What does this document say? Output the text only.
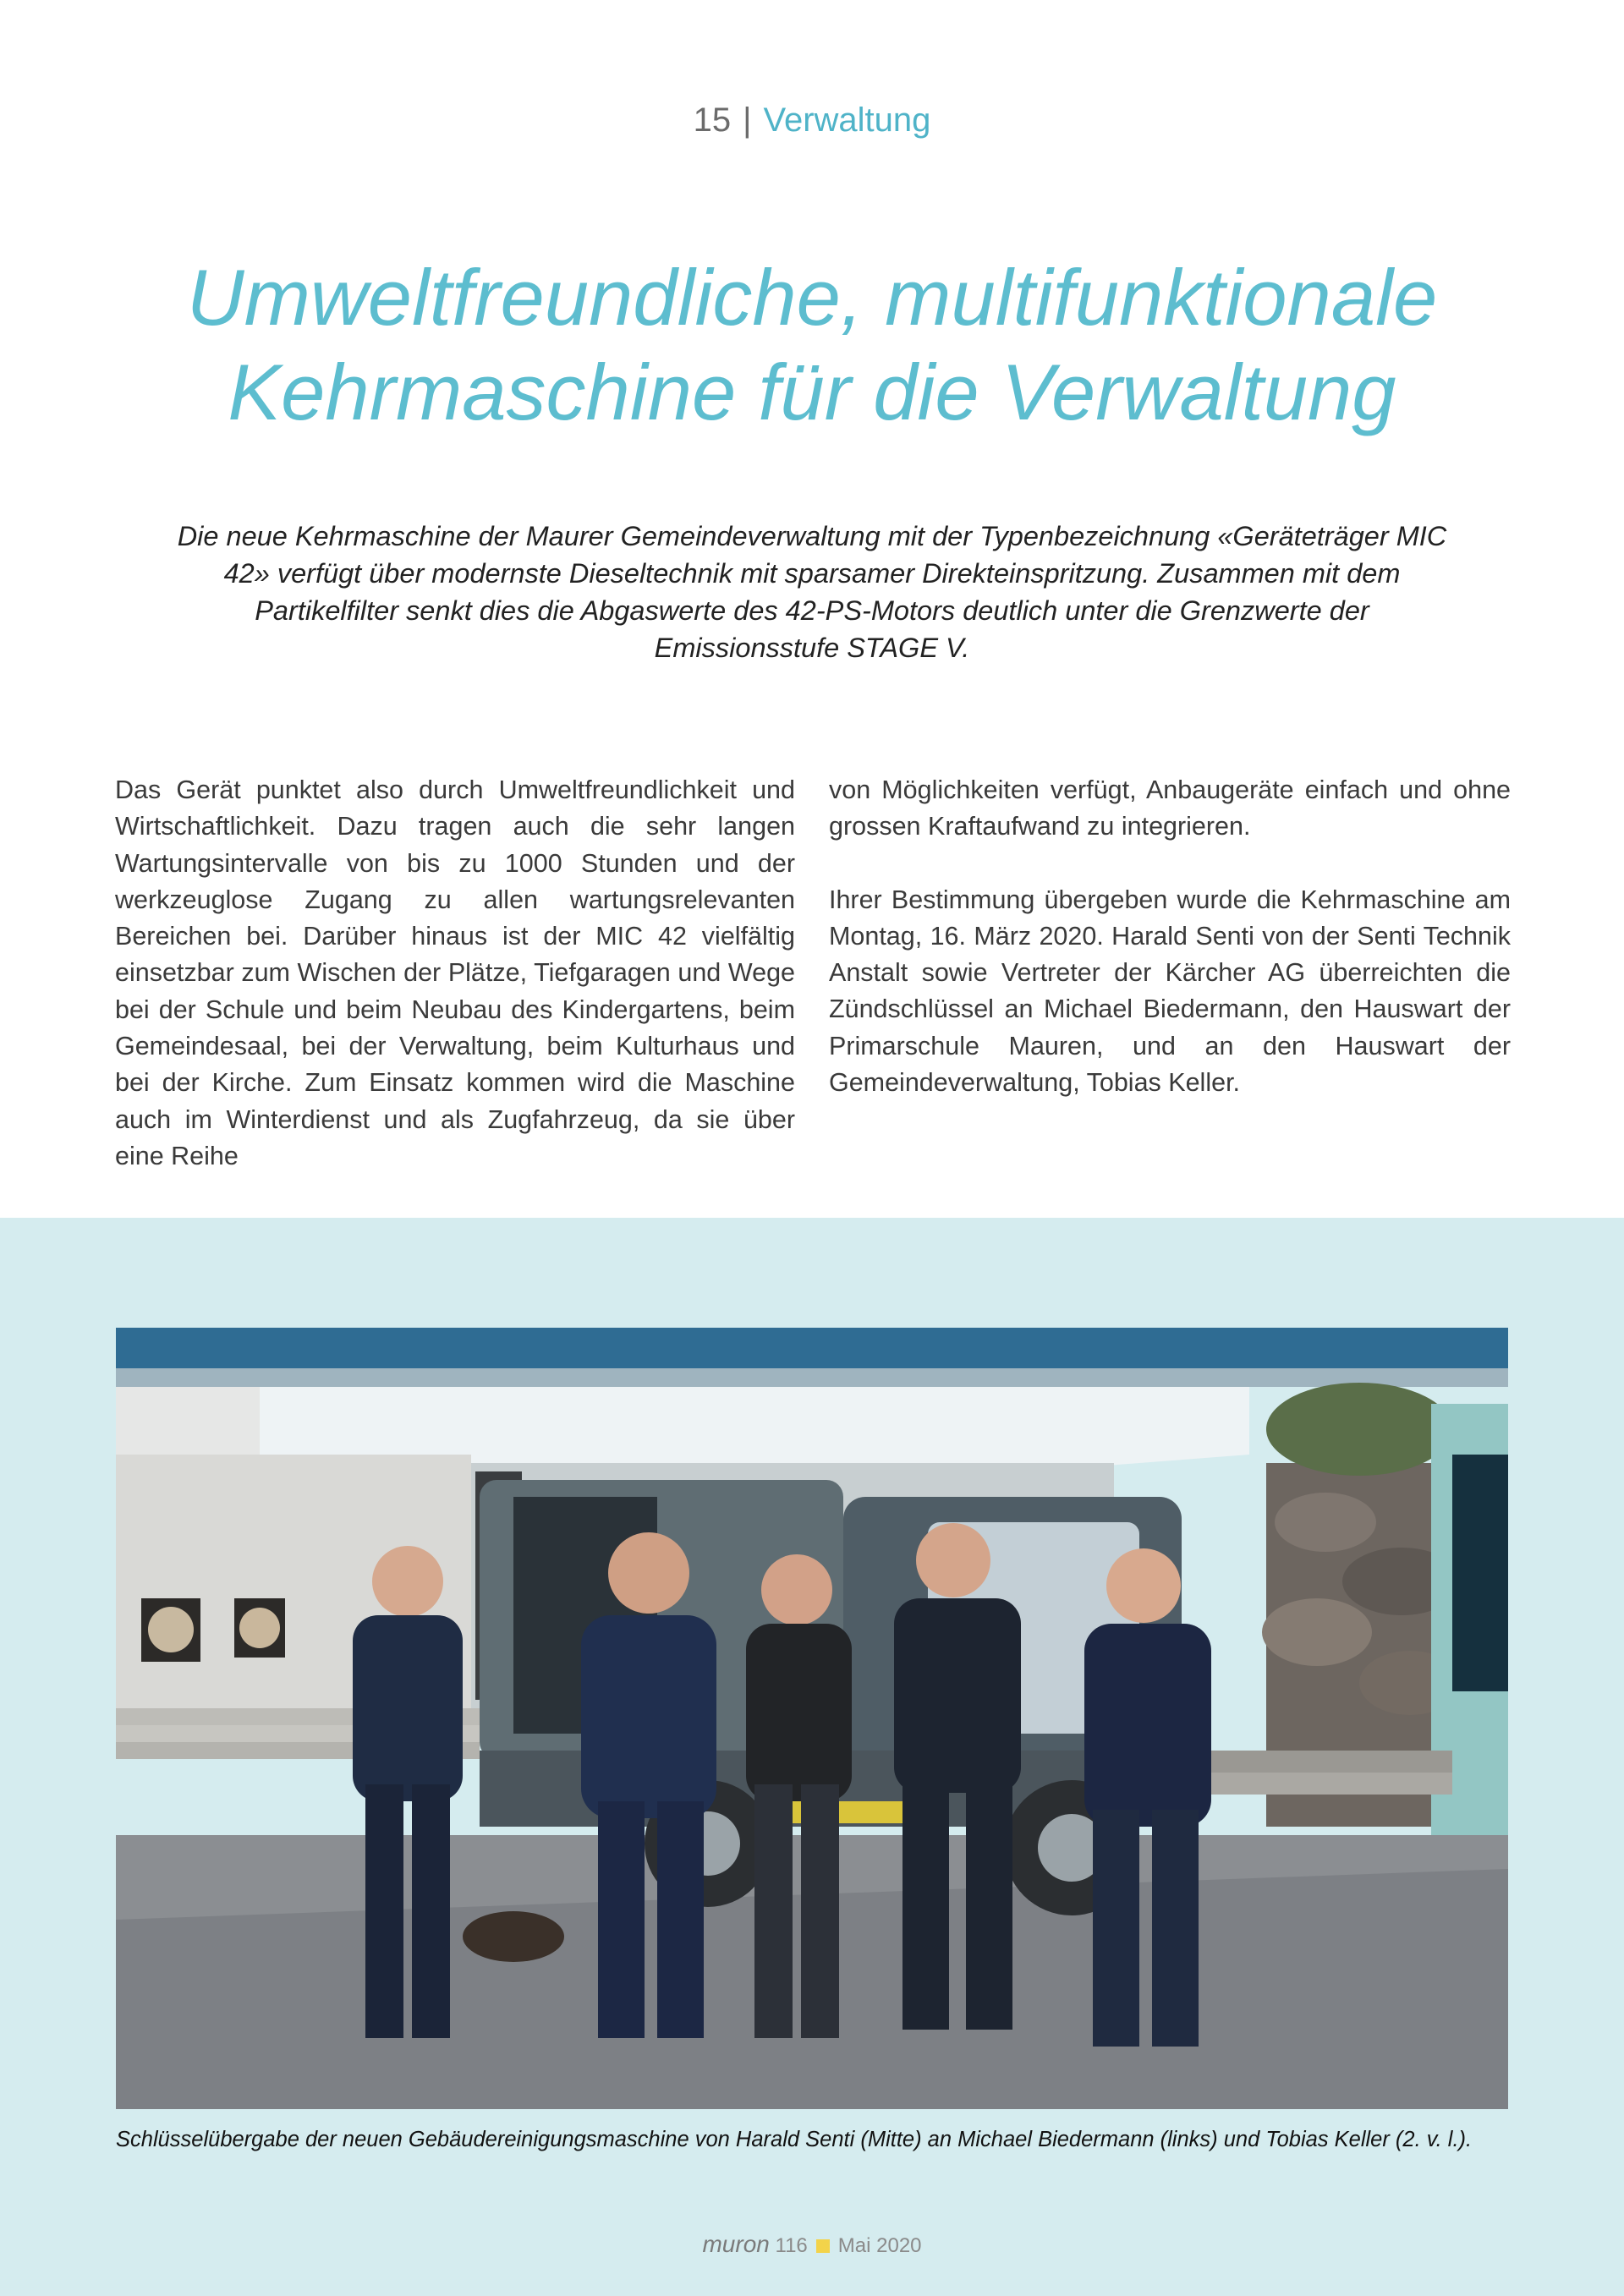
15 | Verwaltung
Umweltfreundliche, multifunktionale
Kehrmaschine für die Verwaltung

Die neue Kehrmaschine der Maurer Gemeindeverwaltung mit der Typenbezeichnung «Geräteträger MIC 42» verfügt über modernste Dieseltechnik mit sparsamer Direkteinspritzung. Zusammen mit dem Partikelfilter senkt dies die Abgaswerte des 42-PS-Motors deutlich unter die Grenzwerte der Emissionsstufe STAGE V.

Das Gerät punktet also durch Umweltfreundlichkeit und Wirtschaftlichkeit. Dazu tragen auch die sehr langen Wartungsintervalle von bis zu 1000 Stunden und der werkzeuglose Zugang zu allen wartungsrelevanten Bereichen bei. Darüber hinaus ist der MIC 42 vielfältig einsetzbar zum Wischen der Plätze, Tiefgaragen und Wege bei der Schule und beim Neubau des Kindergartens, beim Gemeindesaal, bei der Verwaltung, beim Kulturhaus und bei der Kirche. Zum Einsatz kommen wird die Maschine auch im Winterdienst und als Zugfahrzeug, da sie über eine Reihe

von Möglichkeiten verfügt, Anbaugeräte einfach und ohne grossen Kraftaufwand zu integrieren.

Ihrer Bestimmung übergeben wurde die Kehrmaschine am Montag, 16. März 2020. Harald Senti von der Senti Technik Anstalt sowie Vertreter der Kärcher AG überreichten die Zündschlüssel an Michael Biedermann, den Hauswart der Primarschule Mauren, und an den Hauswart der Gemeindeverwaltung, Tobias Keller.

Schlüsselübergabe der neuen Gebäudereinigungsmaschine von Harald Senti (Mitte) an Michael Biedermann (links) und Tobias Keller (2. v. l.).

muron 116 Mai 2020
